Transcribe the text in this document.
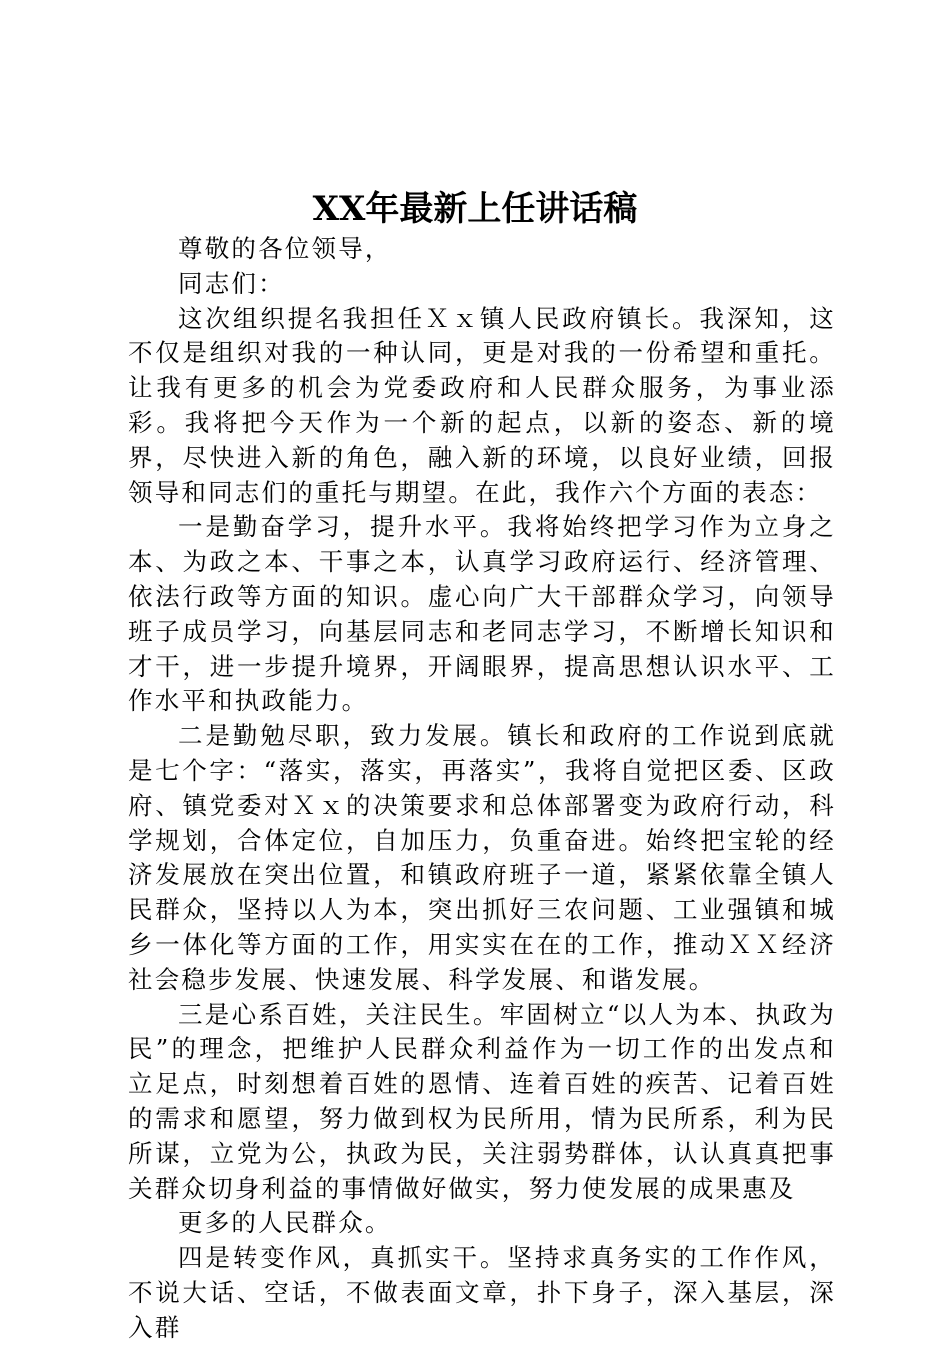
XX年最新上任讲话稿

尊敬的各位领导，

同志们：

这次组织提名我担任Ｘｘ镇人民政府镇长。我深知，这不仅是组织对我的一种认同，更是对我的一份希望和重托。让我有更多的机会为党委政府和人民群众服务，为事业添彩。我将把今天作为一个新的起点，以新的姿态、新的境界，尽快进入新的角色，融入新的环境，以良好业绩，回报领导和同志们的重托与期望。在此，我作六个方面的表态：

一是勤奋学习，提升水平。我将始终把学习作为立身之本、为政之本、干事之本，认真学习政府运行、经济管理、依法行政等方面的知识。虚心向广大干部群众学习，向领导班子成员学习，向基层同志和老同志学习，不断增长知识和才干，进一步提升境界，开阔眼界，提高思想认识水平、工作水平和执政能力。

二是勤勉尽职，致力发展。镇长和政府的工作说到底就是七个字：“落实，落实，再落实”，我将自觉把区委、区政府、镇党委对Ｘｘ的决策要求和总体部署变为政府行动，科学规划，合体定位，自加压力，负重奋进。始终把宝轮的经济发展放在突出位置，和镇政府班子一道，紧紧依靠全镇人民群众，坚持以人为本，突出抓好三农问题、工业强镇和城乡一体化等方面的工作，用实实在在的工作，推动ＸＸ经济社会稳步发展、快速发展、科学发展、和谐发展。

三是心系百姓，关注民生。牢固树立“以人为本、执政为民”的理念，把维护人民群众利益作为一切工作的出发点和立足点，时刻想着百姓的恩情、连着百姓的疾苦、记着百姓的需求和愿望，努力做到权为民所用，情为民所系，利为民所谋，立党为公，执政为民，关注弱势群体，认认真真把事关群众切身利益的事情做好做实，努力使发展的成果惠及

更多的人民群众。

四是转变作风，真抓实干。坚持求真务实的工作作风，不说大话、空话，不做表面文章，扑下身子，深入基层，深入群
